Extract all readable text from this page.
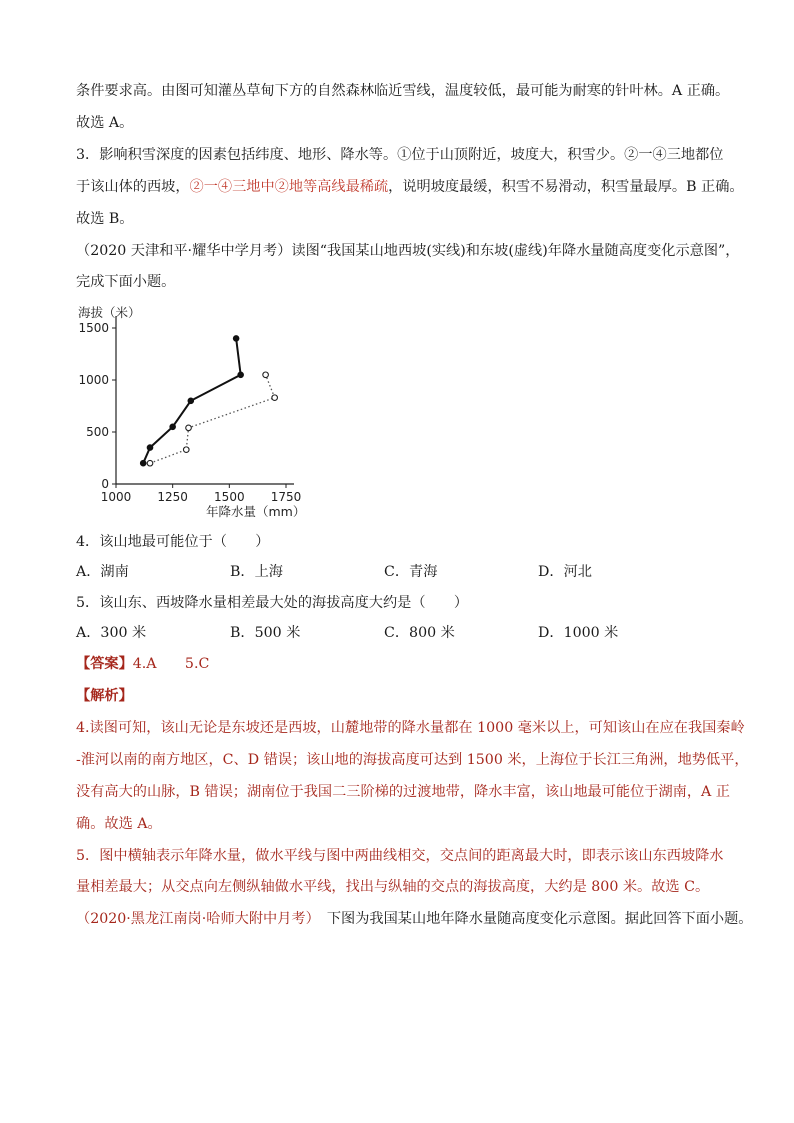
条件要求高。由图可知灌丛草甸下方的自然森林临近雪线，温度较低，最可能为耐寒的针叶林。A 正确。
故选 A。
3．影响积雪深度的因素包括纬度、地形、降水等。①位于山顶附近，坡度大，积雪少。②一④三地都位
于该山体的西坡，②一④三地中②地等高线最稀疏，说明坡度最缓，积雪不易滑动，积雪量最厚。B 正确。
故选 B。
（2020 天津和平·耀华中学月考）读图“我国某山地西坡(实线)和东坡(虚线)年降水量随高度变化示意图”，
完成下面小题。
海拔（米）
0
500
1000
1500
1000 1250 1500 1750
年降水量（mm）
4．该山地最可能位于（　　）
A．湖南	B．上海	C．青海	D．河北
5．该山东、西坡降水量相差最大处的海拔高度大约是（　　）
A．300 米	B．500 米	C．800 米	D．1000 米
【答案】4.A　　5.C
【解析】
4.读图可知，该山无论是东坡还是西坡，山麓地带的降水量都在 1000 毫米以上，可知该山在应在我国秦岭
-淮河以南的南方地区，C、D 错误；该山地的海拔高度可达到 1500 米，上海位于长江三角洲，地势低平，
没有高大的山脉，B 错误；湖南位于我国二三阶梯的过渡地带，降水丰富，该山地最可能位于湖南，A 正
确。故选 A。
5．图中横轴表示年降水量，做水平线与图中两曲线相交，交点间的距离最大时，即表示该山东西坡降水
量相差最大；从交点向左侧纵轴做水平线，找出与纵轴的交点的海拔高度，大约是 800 米。故选 C。
（2020·黑龙江南岗·哈师大附中月考）　下图为我国某山地年降水量随高度变化示意图。据此回答下面小题。
